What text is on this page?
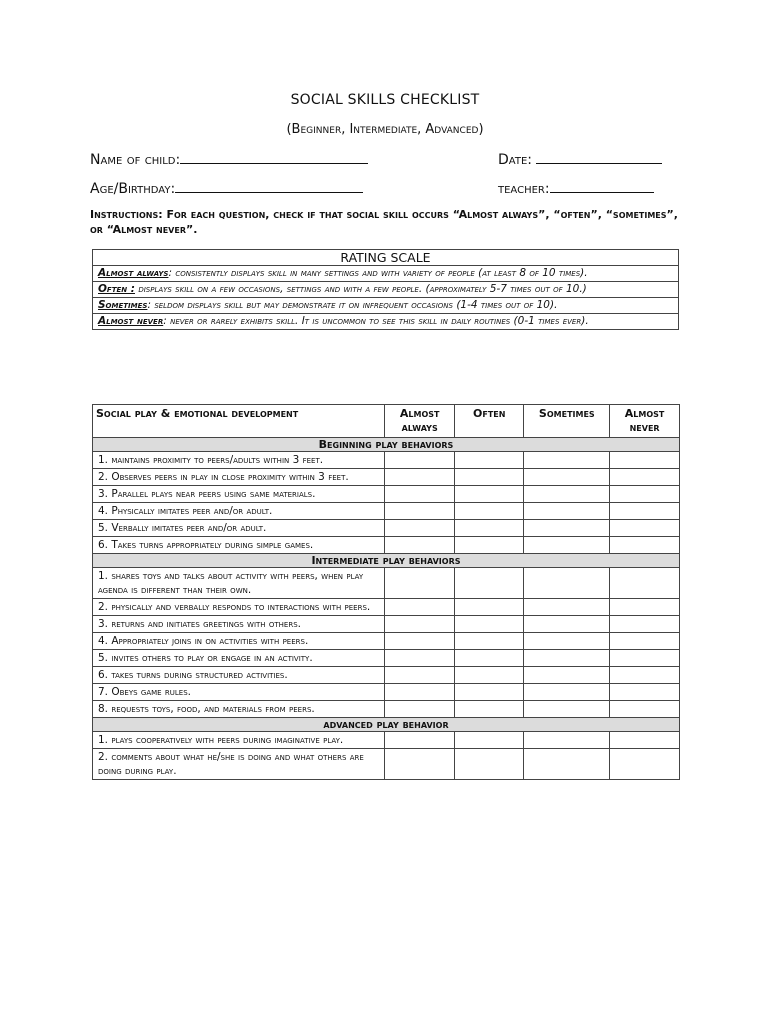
SOCIAL SKILLS CHECKLIST
(Beginner, Intermediate, Advanced)
Name of child:	Date:
Age/Birthday:	teacher:
Instructions: For each question, check if that social skill occurs “Almost always”, “often”, “sometimes”, or “Almost never”.
RATING SCALE
Almost always: consistently displays skill in many settings and with variety of people (at least 8 of 10 times).
Often : displays skill on a few occasions, settings and with a few people. (approximately 5-7 times out of 10.)
Sometimes: seldom displays skill but may demonstrate it on infrequent occasions (1-4 times out of 10).
Almost never: never or rarely exhibits skill. It is uncommon to see this skill in daily routines (0-1 times ever).
Social play & emotional development	Almost always	Often	Sometimes	Almost never
Beginning play behaviors				
1. maintains proximity to peers/adults within 3 feet.				
2. Observes peers in play in close proximity within 3 feet.				
3. Parallel plays near peers using same materials.				
4. Physically imitates peer and/or adult.				
5. Verbally imitates peer and/or adult.				
6. Takes turns appropriately during simple games.				
Intermediate play behaviors				
1. shares toys and talks about activity with peers, when play agenda is different than their own.				
2. physically and verbally responds to interactions with peers.				
3. returns and initiates greetings with others.				
4. Appropriately joins in on activities with peers.				
5. invites others to play or engage in an activity.				
6. takes turns during structured activities.				
7. Obeys game rules.				
8. requests toys, food, and materials from peers.				
advanced play behavior				
1. plays cooperatively with peers during imaginative play.				
2. comments about what he/she is doing and what others are doing during play.				
